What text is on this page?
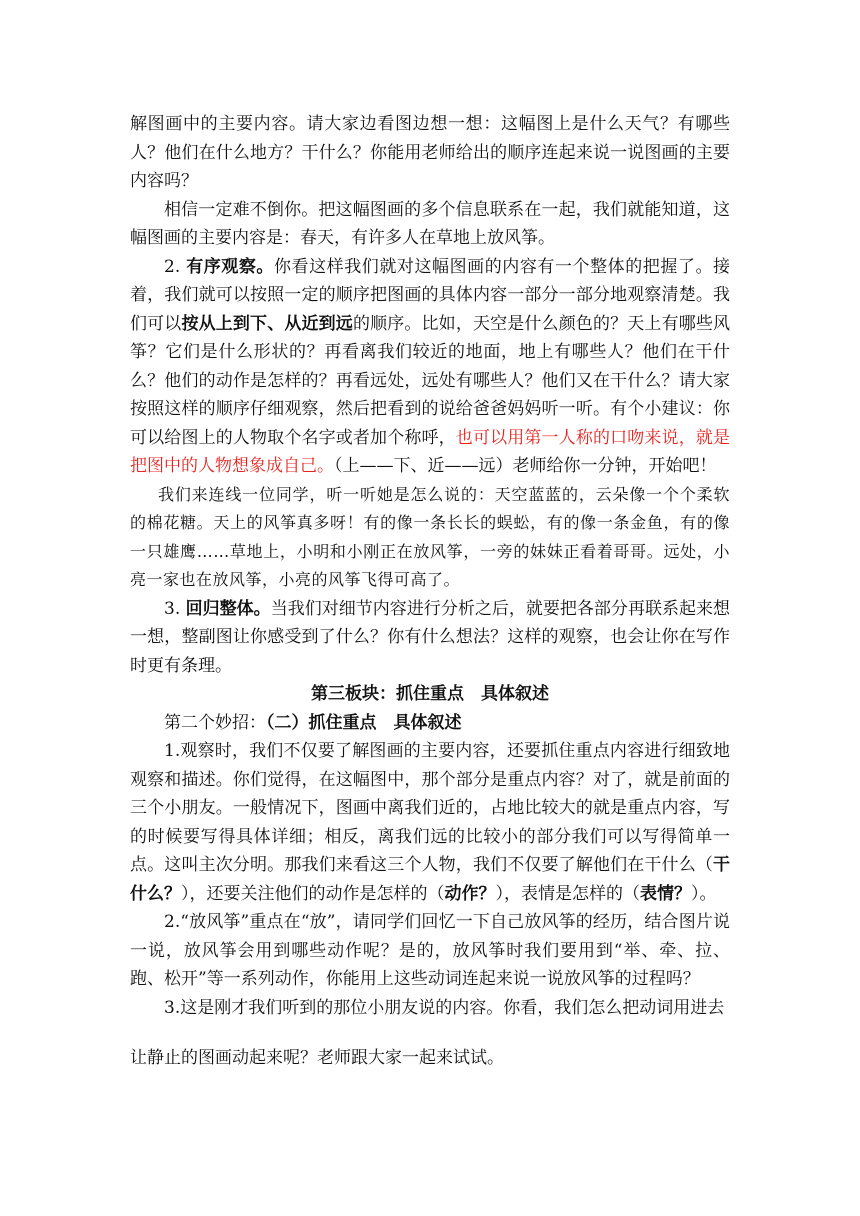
解图画中的主要内容。请大家边看图边想一想：这幅图上是什么天气？有哪些人？他们在什么地方？干什么？你能用老师给出的顺序连起来说一说图画的主要内容吗？

相信一定难不倒你。把这幅图画的多个信息联系在一起，我们就能知道，这幅图画的主要内容是：春天，有许多人在草地上放风筝。

2. 有序观察。你看这样我们就对这幅图画的内容有一个整体的把握了。接着，我们就可以按照一定的顺序把图画的具体内容一部分一部分地观察清楚。我们可以按从上到下、从近到远的顺序。比如，天空是什么颜色的？天上有哪些风筝？它们是什么形状的？再看离我们较近的地面，地上有哪些人？他们在干什么？他们的动作是怎样的？再看远处，远处有哪些人？他们又在干什么？请大家按照这样的顺序仔细观察，然后把看到的说给爸爸妈妈听一听。有个小建议：你可以给图上的人物取个名字或者加个称呼，也可以用第一人称的口吻来说，就是把图中的人物想象成自己。（上——下、近——远）老师给你一分钟，开始吧！

我们来连线一位同学，听一听她是怎么说的：天空蓝蓝的，云朵像一个个柔软的棉花糖。天上的风筝真多呀！有的像一条长长的蜈蚣，有的像一条金鱼，有的像一只雄鹰……草地上，小明和小刚正在放风筝，一旁的妹妹正看着哥哥。远处，小亮一家也在放风筝，小亮的风筝飞得可高了。

3. 回归整体。当我们对细节内容进行分析之后，就要把各部分再联系起来想一想，整副图让你感受到了什么？你有什么想法？这样的观察，也会让你在写作时更有条理。

第三板块：抓住重点　具体叙述

第二个妙招：（二）抓住重点　具体叙述

1.观察时，我们不仅要了解图画的主要内容，还要抓住重点内容进行细致地观察和描述。你们觉得，在这幅图中，那个部分是重点内容？对了，就是前面的三个小朋友。一般情况下，图画中离我们近的，占地比较大的就是重点内容，写的时候要写得具体详细；相反，离我们远的比较小的部分我们可以写得简单一点。这叫主次分明。那我们来看这三个人物，我们不仅要了解他们在干什么（干什么？），还要关注他们的动作是怎样的（动作？），表情是怎样的（表情？）。

2.“放风筝”重点在“放”，请同学们回忆一下自己放风筝的经历，结合图片说一说，放风筝会用到哪些动作呢？是的，放风筝时我们要用到“举、牵、拉、跑、松开”等一系列动作，你能用上这些动词连起来说一说放风筝的过程吗？

3.这是刚才我们听到的那位小朋友说的内容。你看，我们怎么把动词用进去

让静止的图画动起来呢？老师跟大家一起来试试。
